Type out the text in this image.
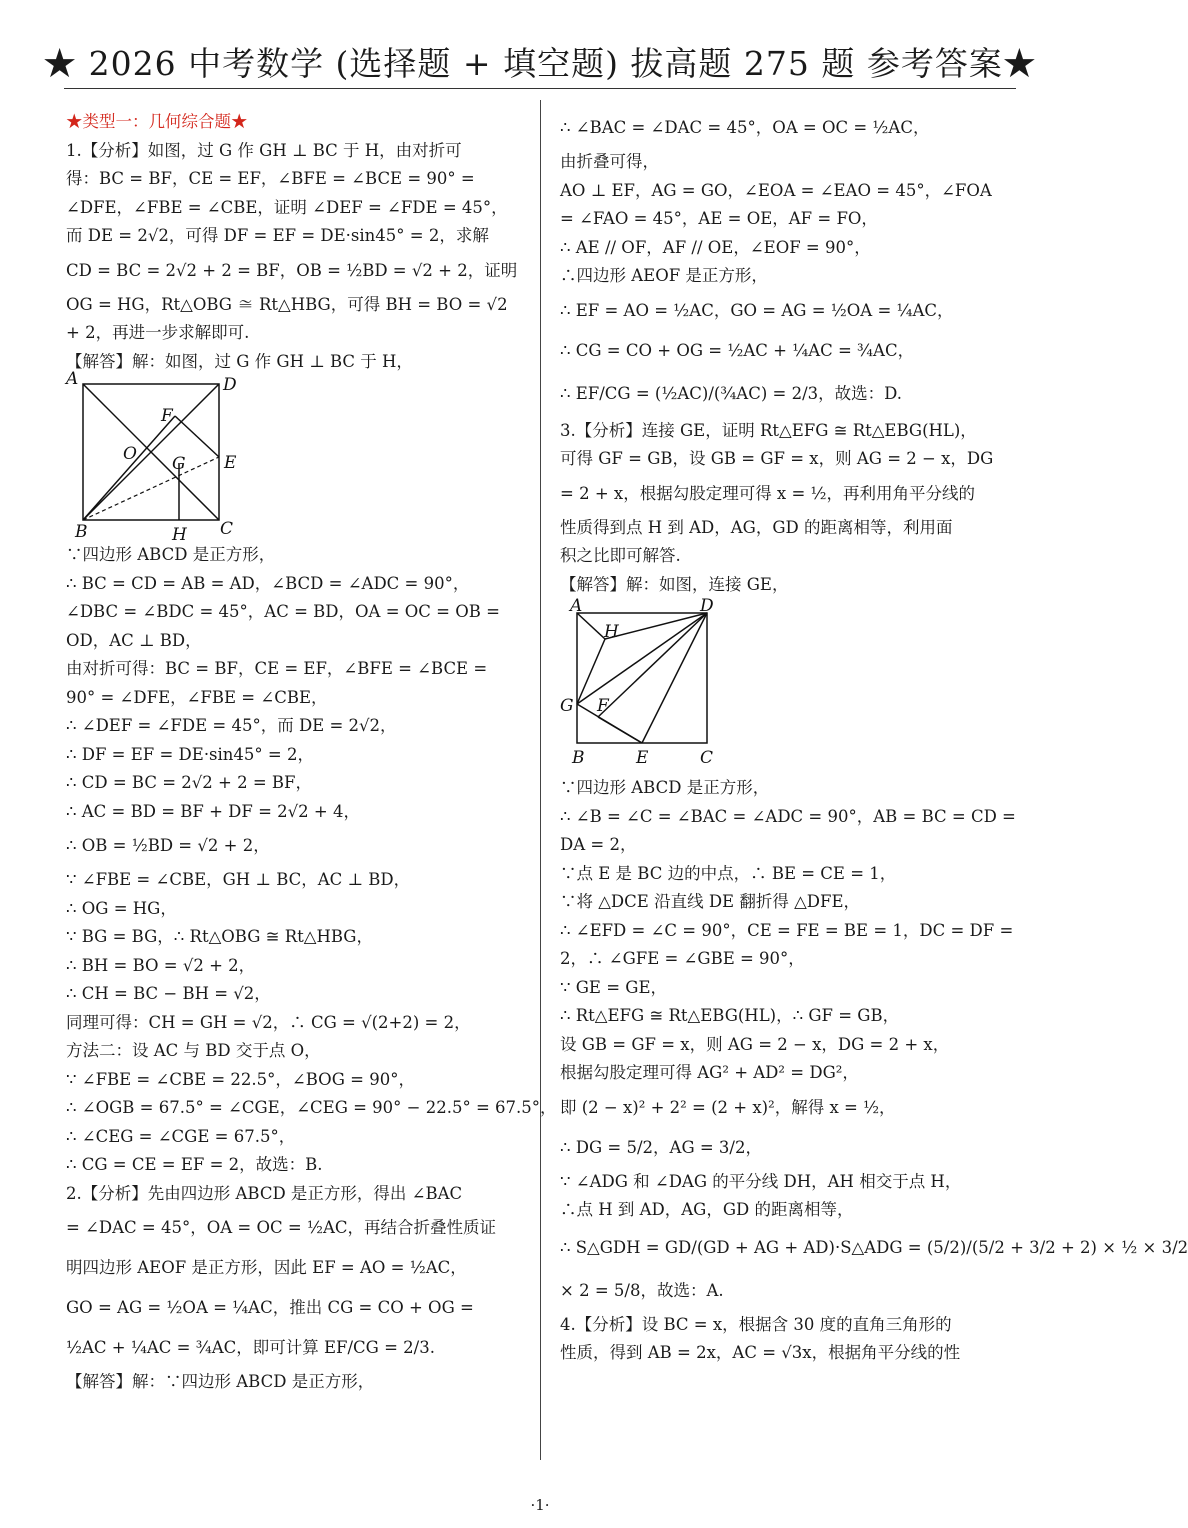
★ 2026 中考数学 (选择题 + 填空题) 拔高题 275 题 参考答案★
★类型一：几何综合题★
1.【分析】如图，过 G 作 GH ⊥ BC 于 H，由对折可
得：BC = BF，CE = EF，∠BFE = ∠BCE = 90° =
∠DFE，∠FBE = ∠CBE，证明 ∠DEF = ∠FDE = 45°，
而 DE = 2√2，可得 DF = EF = DE·sin45° = 2，求解
CD = BC = 2√2 + 2 = BF，OB = ½BD = √2 + 2，证明
OG = HG，Rt△OBG ≅ Rt△HBG，可得 BH = BO = √2
+ 2，再进一步求解即可.
【解答】解：如图，过 G 作 GH ⊥ BC 于 H，
A	D
B	C
F
O G E
H
∵四边形 ABCD 是正方形，
∴ BC = CD = AB = AD，∠BCD = ∠ADC = 90°，
∠DBC = ∠BDC = 45°，AC = BD，OA = OC = OB =
OD，AC ⊥ BD，
由对折可得：BC = BF，CE = EF，∠BFE = ∠BCE =
90° = ∠DFE，∠FBE = ∠CBE，
∴ ∠DEF = ∠FDE = 45°，而 DE = 2√2，
∴ DF = EF = DE·sin45° = 2，
∴ CD = BC = 2√2 + 2 = BF，
∴ AC = BD = BF + DF = 2√2 + 4，
∴ OB = ½BD = √2 + 2，
∵ ∠FBE = ∠CBE，GH ⊥ BC，AC ⊥ BD，
∴ OG = HG，
∵ BG = BG，∴ Rt△OBG ≅ Rt△HBG，
∴ BH = BO = √2 + 2，
∴ CH = BC − BH = √2，
同理可得：CH = GH = √2，∴ CG = √(2+2) = 2，
方法二：设 AC 与 BD 交于点 O，
∵ ∠FBE = ∠CBE = 22.5°，∠BOG = 90°，
∴ ∠OGB = 67.5° = ∠CGE，∠CEG = 90° − 22.5° = 67.5°，
∴ ∠CEG = ∠CGE = 67.5°，
∴ CG = CE = EF = 2，故选：B.
2.【分析】先由四边形 ABCD 是正方形，得出 ∠BAC
= ∠DAC = 45°，OA = OC = ½AC，再结合折叠性质证
明四边形 AEOF 是正方形，因此 EF = AO = ½AC，
GO = AG = ½OA = ¼AC，推出 CG = CO + OG =
½AC + ¼AC = ¾AC，即可计算 EF/CG = 2/3.
【解答】解：∵四边形 ABCD 是正方形，
∴ ∠BAC = ∠DAC = 45°，OA = OC = ½AC，
由折叠可得，
AO ⊥ EF，AG = GO，∠EOA = ∠EAO = 45°，∠FOA
= ∠FAO = 45°，AE = OE，AF = FO，
∴ AE // OF，AF // OE，∠EOF = 90°，
∴四边形 AEOF 是正方形，
∴ EF = AO = ½AC，GO = AG = ½OA = ¼AC，
∴ CG = CO + OG = ½AC + ¼AC = ¾AC，
∴ EF/CG = (½AC)/(¾AC) = 2/3，故选：D.
3.【分析】连接 GE，证明 Rt△EFG ≅ Rt△EBG(HL)，
可得 GF = GB，设 GB = GF = x，则 AG = 2 − x，DG
= 2 + x，根据勾股定理可得 x = ½，再利用角平分线的
性质得到点 H 到 AD，AG，GD 的距离相等，利用面
积之比即可解答.
【解答】解：如图，连接 GE，
A	D
H
G F
B	E	C
∵四边形 ABCD 是正方形，
∴ ∠B = ∠C = ∠BAC = ∠ADC = 90°，AB = BC = CD =
DA = 2，
∵点 E 是 BC 边的中点，∴ BE = CE = 1，
∵将 △DCE 沿直线 DE 翻折得 △DFE，
∴ ∠EFD = ∠C = 90°，CE = FE = BE = 1，DC = DF =
2，∴ ∠GFE = ∠GBE = 90°，
∵ GE = GE，
∴ Rt△EFG ≅ Rt△EBG(HL)，∴ GF = GB，
设 GB = GF = x，则 AG = 2 − x，DG = 2 + x，
根据勾股定理可得 AG² + AD² = DG²，
即 (2 − x)² + 2² = (2 + x)²，解得 x = ½，
∴ DG = 5/2，AG = 3/2，
∵ ∠ADG 和 ∠DAG 的平分线 DH，AH 相交于点 H，
∴点 H 到 AD，AG，GD 的距离相等，
∴ S△GDH = GD/(GD + AG + AD)·S△ADG = (5/2)/(5/2 + 3/2 + 2) × ½ × 3/2
× 2 = 5/8，故选：A.
4.【分析】设 BC = x，根据含 30 度的直角三角形的
性质，得到 AB = 2x，AC = √3x，根据角平分线的性
·1·
